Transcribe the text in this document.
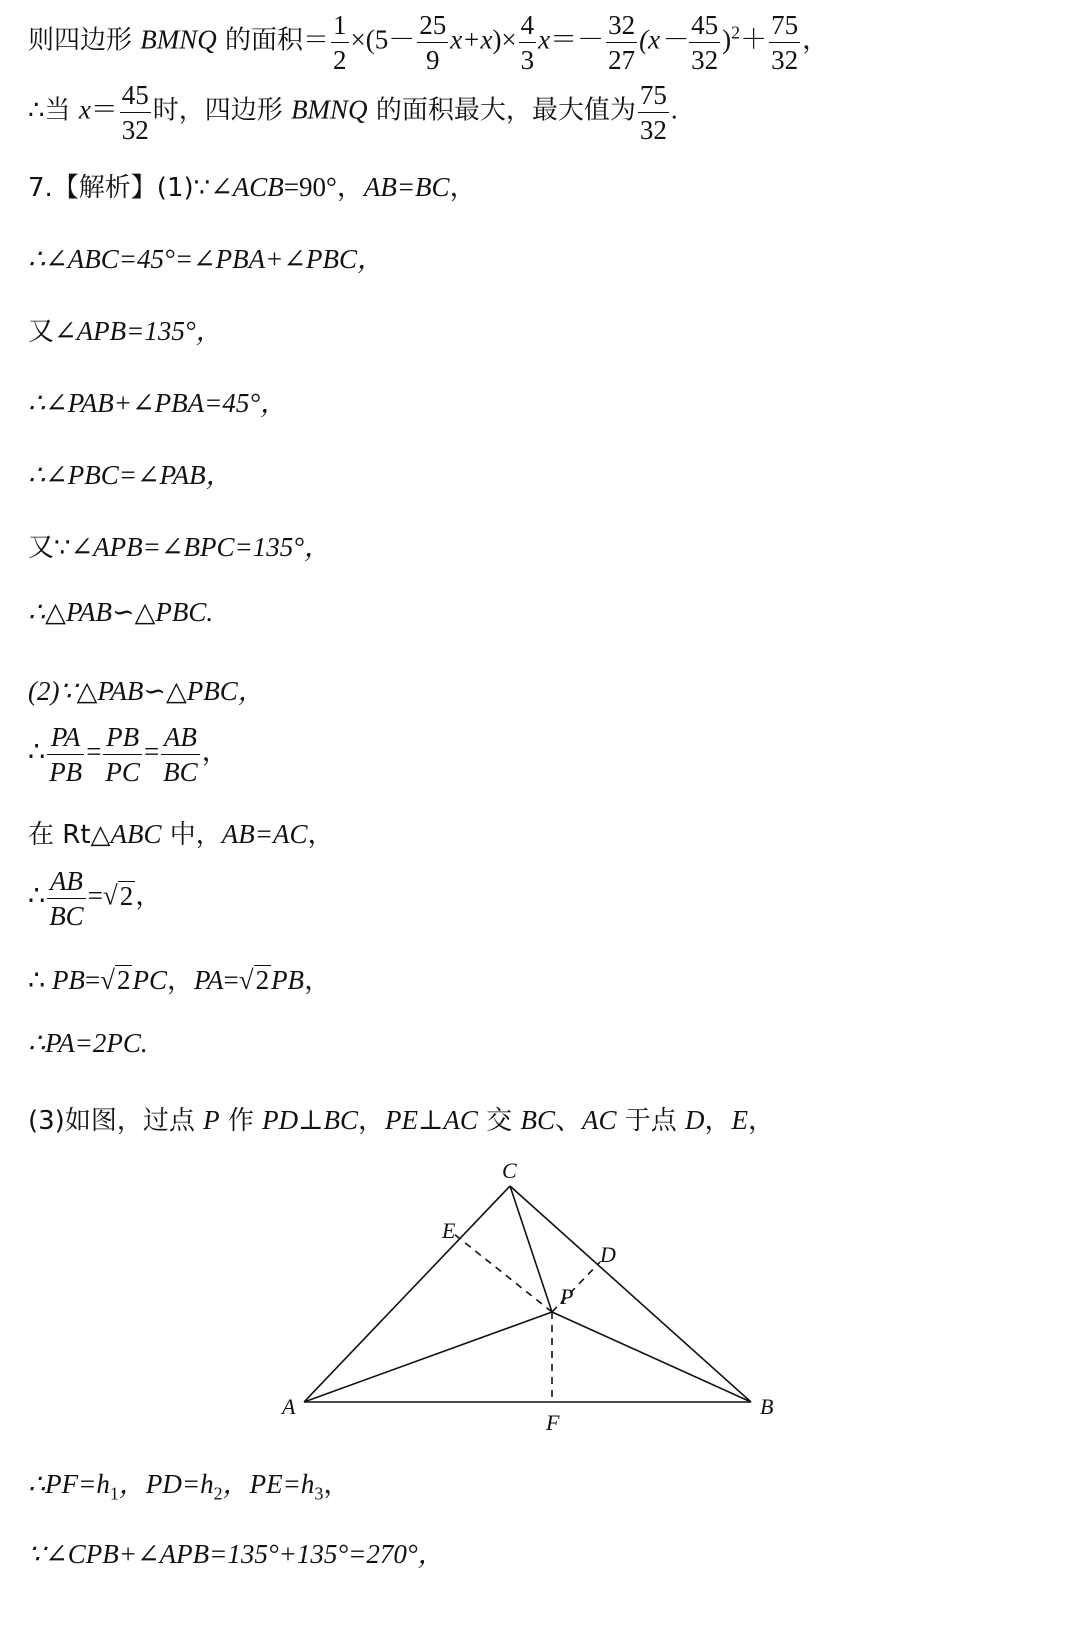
则四边形 BMNQ 的面积＝ $\frac{1}{2} \times(5- \frac{25}{9} x+x)\times \frac{4}{3} x=- \frac{32}{27} (x- \frac{45}{32} )^2+ \frac{75}{32}$ ，
∴当 $x= \frac{45}{32}$ 时，四边形 BMNQ 的面积最大，最大值为 $\frac{75}{32}$ .
7.【解析】(1)∵∠ACB=90°，AB=BC，
∴∠ABC=45°=∠PBA+∠PBC，
又∠APB=135°，
∴∠PAB+∠PBA=45°，
∴∠PBC=∠PAB，
又∵∠APB=∠BPC=135°，
∴△PAB∽△PBC.
(2)∵△PAB∽△PBC，
∴ $\frac{PA}{PB} = \frac{PB}{PC} = \frac{AB}{BC}$ ，
在 Rt△ABC 中，AB=AC，
∴ $\frac{AB}{BC} =√2$，
∴ PB=√2PC，PA=√2PB，
∴PA=2PC.
(3)如图，过点 P 作 PD⊥BC，PE⊥AC 交 BC、AC 于点 D，E，
C
A	B
F
E
D
P
$\therefore PF=h_1$，$PD=h_2$，$PE=h_3$，
∵∠CPB+∠APB=135°+135°=270°，
